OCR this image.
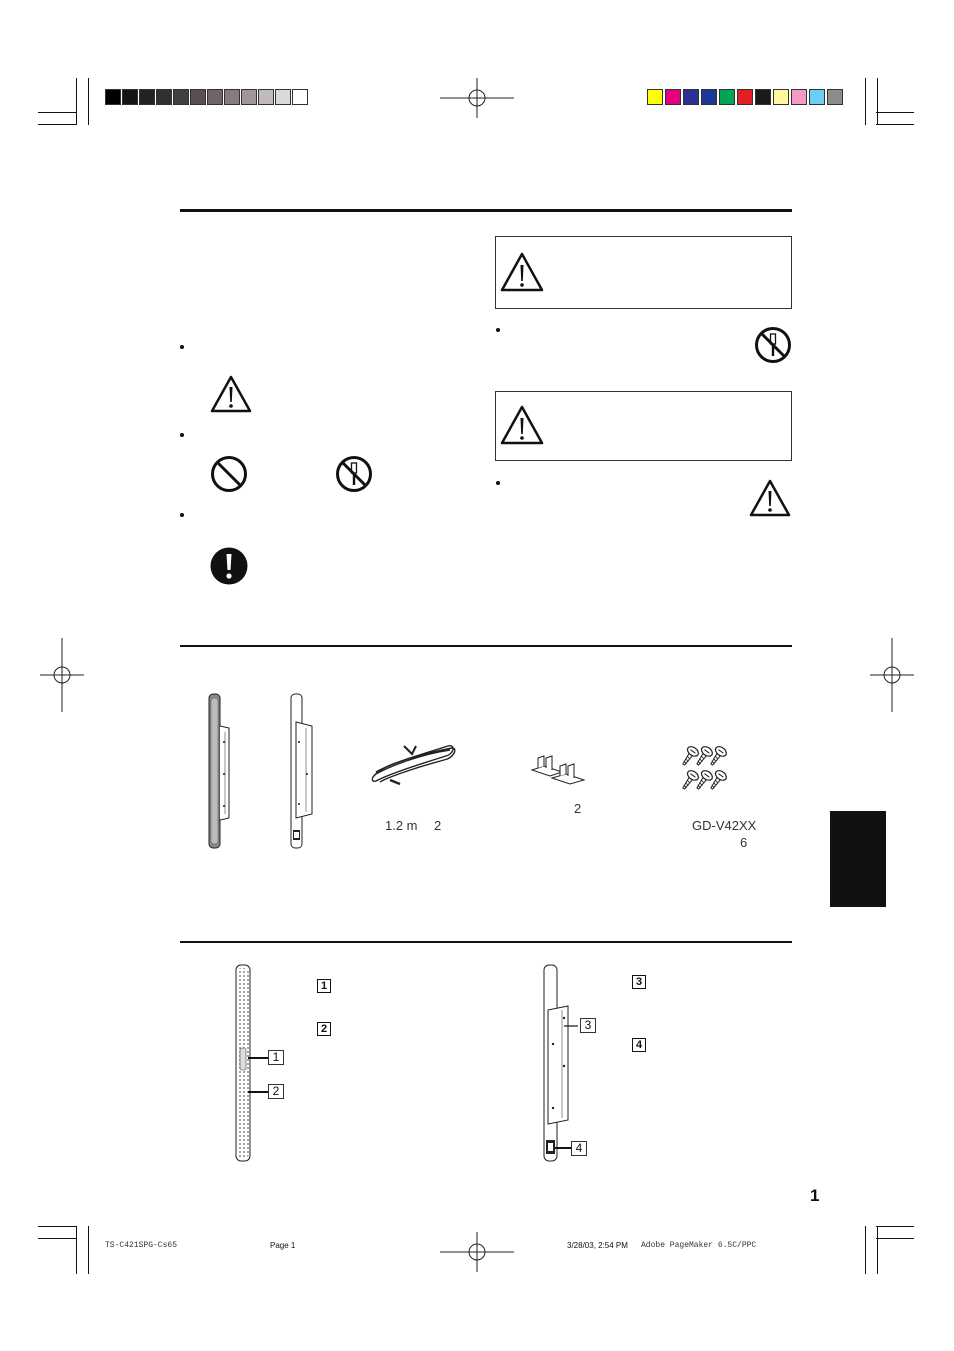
1.2 m 2
2
GD-V42XX
6
1
2
1
2	3
4
3
4
1
TS-C421SPG-Cs65	Page 1	3/28/03, 2:54 PM Adobe PageMaker 6.5C/PPC
